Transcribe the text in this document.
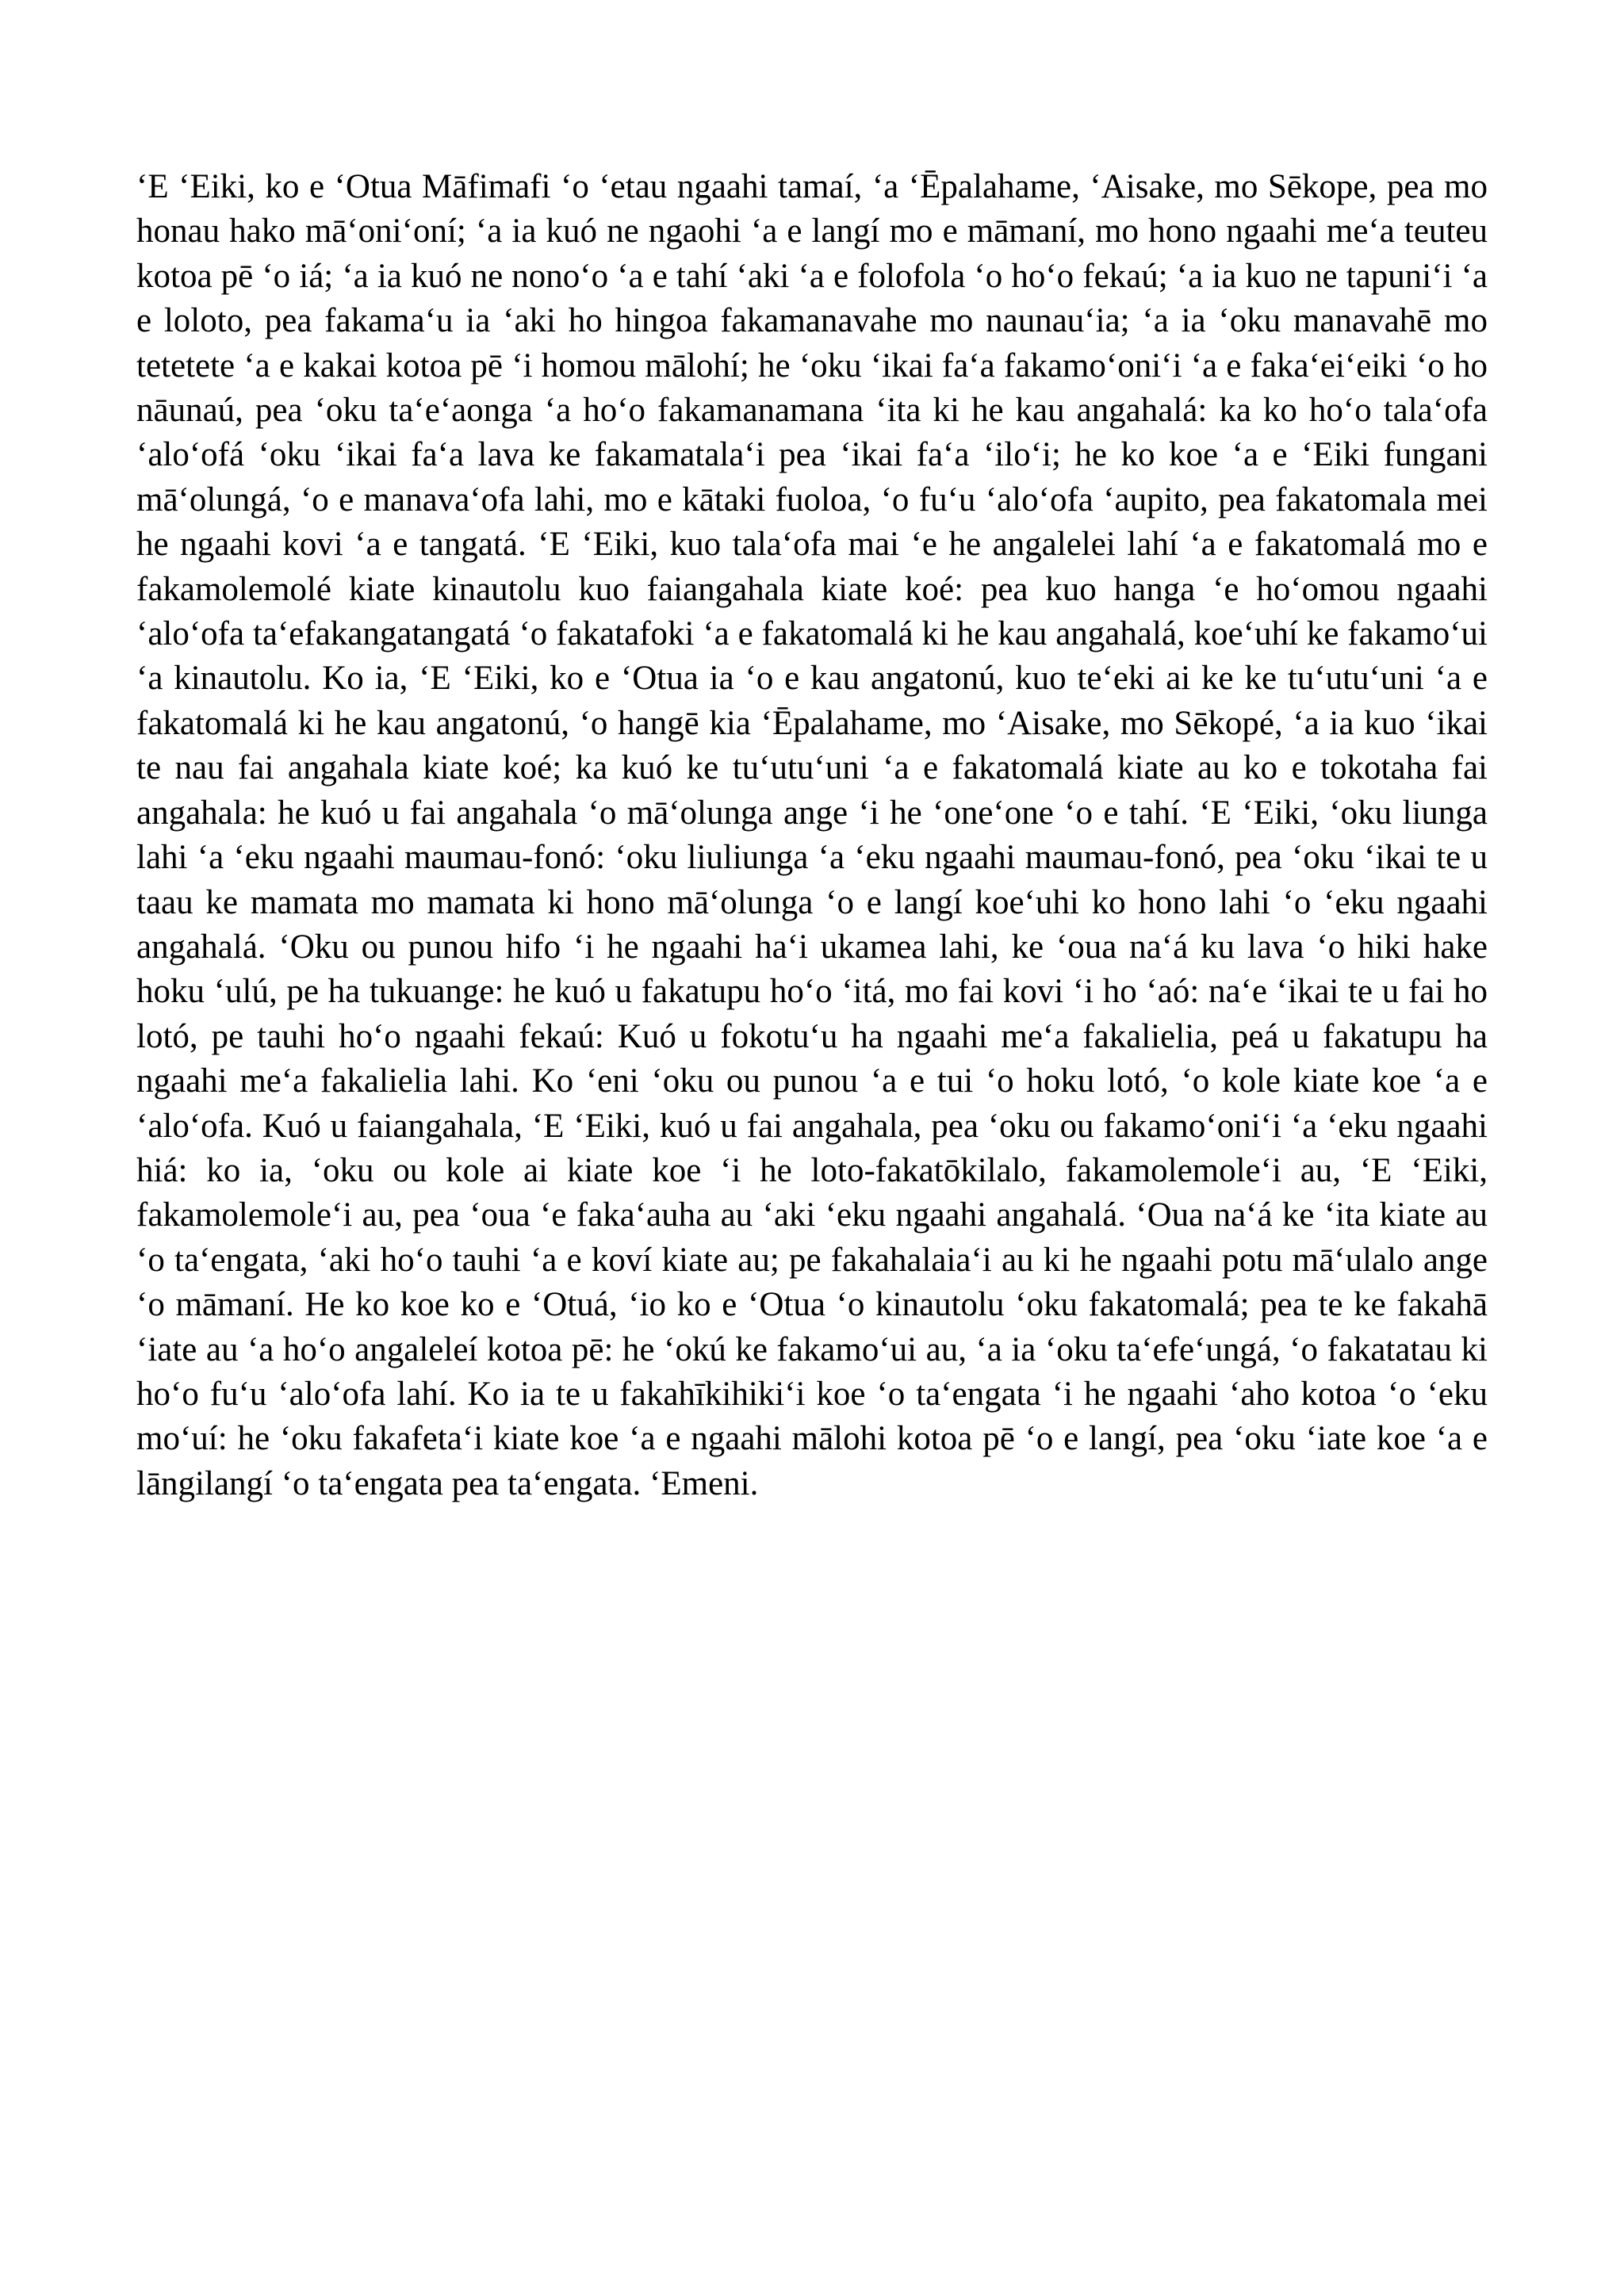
ʻE ʻEiki, ko e ʻOtua Māfimafi ʻo ʻetau ngaahi tamaí, ʻa ʻĒpalahame, ʻAisake, mo Sēkope, pea mo honau hako māʻoniʻoní; ʻa ia kuó ne ngaohi ʻa e langí mo e māmaní, mo hono ngaahi meʻa teuteu kotoa pē ʻo iá; ʻa ia kuó ne nonoʻo ʻa e tahí ʻaki ʻa e folofola ʻo hoʻo fekaú; ʻa ia kuo ne tapuniʻi ʻa e loloto, pea fakamaʻu ia ʻaki ho hingoa fakamanavahe mo naunauʻia; ʻa ia ʻoku manavahē mo tetetete ʻa e kakai kotoa pē ʻi homou mālohí; he ʻoku ʻikai faʻa fakamoʻoniʻi ʻa e fakaʻeiʻeiki ʻo ho nāunaú, pea ʻoku taʻeʻaonga ʻa hoʻo fakamanamana ʻita ki he kau angahalá: ka ko hoʻo talaʻofa ʻaloʻofá ʻoku ʻikai faʻa lava ke fakamatalaʻi pea ʻikai faʻa ʻiloʻi; he ko koe ʻa e ʻEiki fungani māʻolungá, ʻo e manavaʻofa lahi, mo e kātaki fuoloa, ʻo fuʻu ʻaloʻofa ʻaupito, pea fakatomala mei he ngaahi kovi ʻa e tangatá. ʻE ʻEiki, kuo talaʻofa mai ʻe he angalelei lahí ʻa e fakatomalá mo e fakamolemolé kiate kinautolu kuo faiangahala kiate koé: pea kuo hanga ʻe hoʻomou ngaahi ʻaloʻofa taʻefakangatangatá ʻo fakatafoki ʻa e fakatomalá ki he kau angahalá, koeʻuhí ke fakamoʻui ʻa kinautolu. Ko ia, ʻE ʻEiki, ko e ʻOtua ia ʻo e kau angatonú, kuo teʻeki ai ke ke tuʻutuʻuni ʻa e fakatomalá ki he kau angatonú, ʻo hangē kia ʻĒpalahame, mo ʻAisake, mo Sēkopé, ʻa ia kuo ʻikai te nau fai angahala kiate koé; ka kuó ke tuʻutuʻuni ʻa e fakatomalá kiate au ko e tokotaha fai angahala: he kuó u fai angahala ʻo māʻolunga ange ʻi he ʻoneʻone ʻo e tahí. ʻE ʻEiki, ʻoku liunga lahi ʻa ʻeku ngaahi maumau-fonó: ʻoku liuliunga ʻa ʻeku ngaahi maumau-fonó, pea ʻoku ʻikai te u taau ke mamata mo mamata ki hono māʻolunga ʻo e langí koeʻuhi ko hono lahi ʻo ʻeku ngaahi angahalá. ʻOku ou punou hifo ʻi he ngaahi haʻi ukamea lahi, ke ʻoua naʻá ku lava ʻo hiki hake hoku ʻulú, pe ha tukuange: he kuó u fakatupu hoʻo ʻitá, mo fai kovi ʻi ho ʻaó: naʻe ʻikai te u fai ho lotó, pe tauhi hoʻo ngaahi fekaú: Kuó u fokotuʻu ha ngaahi meʻa fakalielia, peá u fakatupu ha ngaahi meʻa fakalielia lahi. Ko ʻeni ʻoku ou punou ʻa e tui ʻo hoku lotó, ʻo kole kiate koe ʻa e ʻaloʻofa. Kuó u faiangahala, ʻE ʻEiki, kuó u fai angahala, pea ʻoku ou fakamoʻoniʻi ʻa ʻeku ngaahi hiá: ko ia, ʻoku ou kole ai kiate koe ʻi he loto-fakatōkilalo, fakamolemoleʻi au, ʻE ʻEiki, fakamolemoleʻi au, pea ʻoua ʻe fakaʻauha au ʻaki ʻeku ngaahi angahalá. ʻOua naʻá ke ʻita kiate au ʻo taʻengata, ʻaki hoʻo tauhi ʻa e koví kiate au; pe fakahalaiaʻi au ki he ngaahi potu māʻulalo ange ʻo māmaní. He ko koe ko e ʻOtuá, ʻio ko e ʻOtua ʻo kinautolu ʻoku fakatomalá; pea te ke fakahā ʻiate au ʻa hoʻo angaleleí kotoa pē: he ʻokú ke fakamoʻui au, ʻa ia ʻoku taʻefeʻungá, ʻo fakatatau ki hoʻo fuʻu ʻaloʻofa lahí. Ko ia te u fakahīkihikiʻi koe ʻo taʻengata ʻi he ngaahi ʻaho kotoa ʻo ʻeku moʻuí: he ʻoku fakafetaʻi kiate koe ʻa e ngaahi mālohi kotoa pē ʻo e langí, pea ʻoku ʻiate koe ʻa e lāngilangí ʻo taʻengata pea taʻengata. ʻEmeni.
